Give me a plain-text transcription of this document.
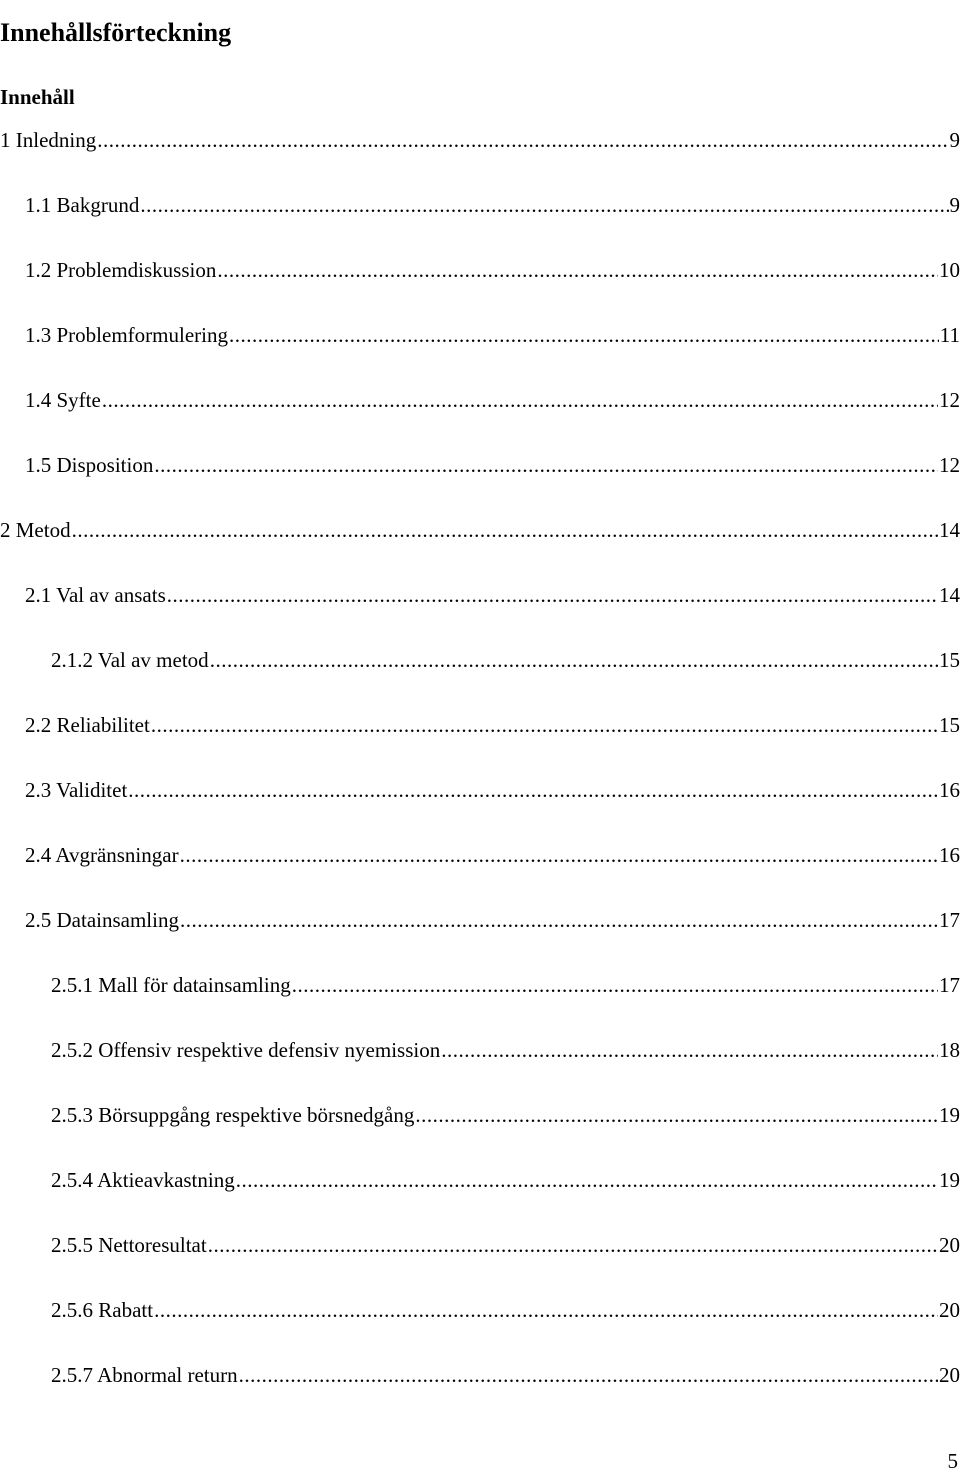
Innehållsförteckning
Innehåll
1 Inledning .....	9
1.1 Bakgrund .....	9
1.2 Problemdiskussion .....	10
1.3 Problemformulering .....	11
1.4 Syfte .....	12
1.5 Disposition .....	12
2 Metod .....	14
2.1 Val av ansats .....	14
2.1.2 Val av metod .....	15
2.2 Reliabilitet .....	15
2.3 Validitet .....	16
2.4 Avgränsningar .....	16
2.5 Datainsamling .....	17
2.5.1 Mall för datainsamling .....	17
2.5.2 Offensiv respektive defensiv nyemission .....	18
2.5.3 Börsuppgång respektive börsnedgång .....	19
2.5.4 Aktieavkastning .....	19
2.5.5 Nettoresultat .....	20
2.5.6 Rabatt .....	20
2.5.7 Abnormal return .....	20
5
